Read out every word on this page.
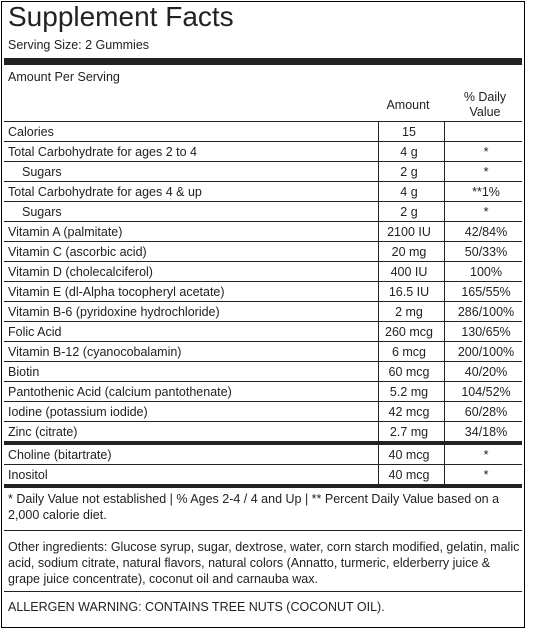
Supplement Facts
Serving Size: 2 Gummies
Amount Per Serving
Amount
% Daily
Value
Calories	15
Total Carbohydrate for ages 2 to 4	4 g	*
Sugars	2 g	*
Total Carbohydrate for ages 4 & up	4 g	**1%
Sugars	2 g	*
Vitamin A (palmitate)	2100 IU	42/84%
Vitamin C (ascorbic acid)	20 mg	50/33%
Vitamin D (cholecalciferol)	400 IU	100%
Vitamin E (dl-Alpha tocopheryl acetate)	16.5 IU	165/55%
Vitamin B-6 (pyridoxine hydrochloride)	2 mg	286/100%
Folic Acid	260 mcg	130/65%
Vitamin B-12 (cyanocobalamin)	6 mcg	200/100%
Biotin	60 mcg	40/20%
Pantothenic Acid (calcium pantothenate)	5.2 mg	104/52%
Iodine (potassium iodide)	42 mcg	60/28%
Zinc (citrate)	2.7 mg	34/18%
Choline (bitartrate)	40 mcg	*
Inositol	40 mcg	*
* Daily Value not established | % Ages 2-4 / 4 and Up | ** Percent Daily Value based on a 2,000 calorie diet.
Other ingredients: Glucose syrup, sugar, dextrose, water, corn starch modified, gelatin, malic acid, sodium citrate, natural flavors, natural colors (Annatto, turmeric, elderberry juice & grape juice concentrate), coconut oil and carnauba wax.
ALLERGEN WARNING: CONTAINS TREE NUTS (COCONUT OIL).
